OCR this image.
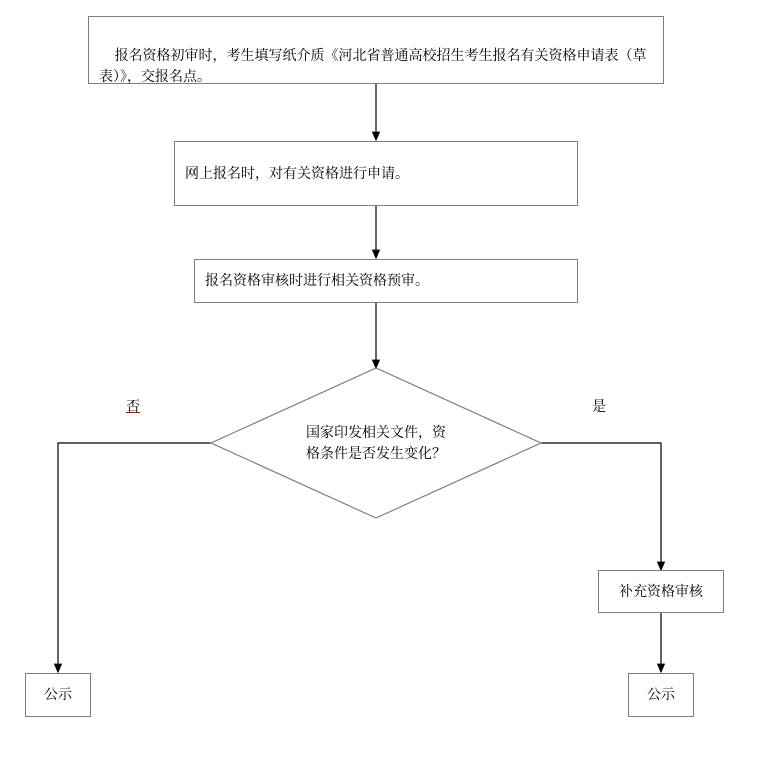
报名资格初审时，考生填写纸介质《河北省普通高校招生考生报名有关资格申请表（草表）》，交报名点。

网上报名时，对有关资格进行申请。
报名资格审核时进行相关资格预审。
国家印发相关文件，资格条件是否发生变化？
否	是
补充资格审核
公示	公示
